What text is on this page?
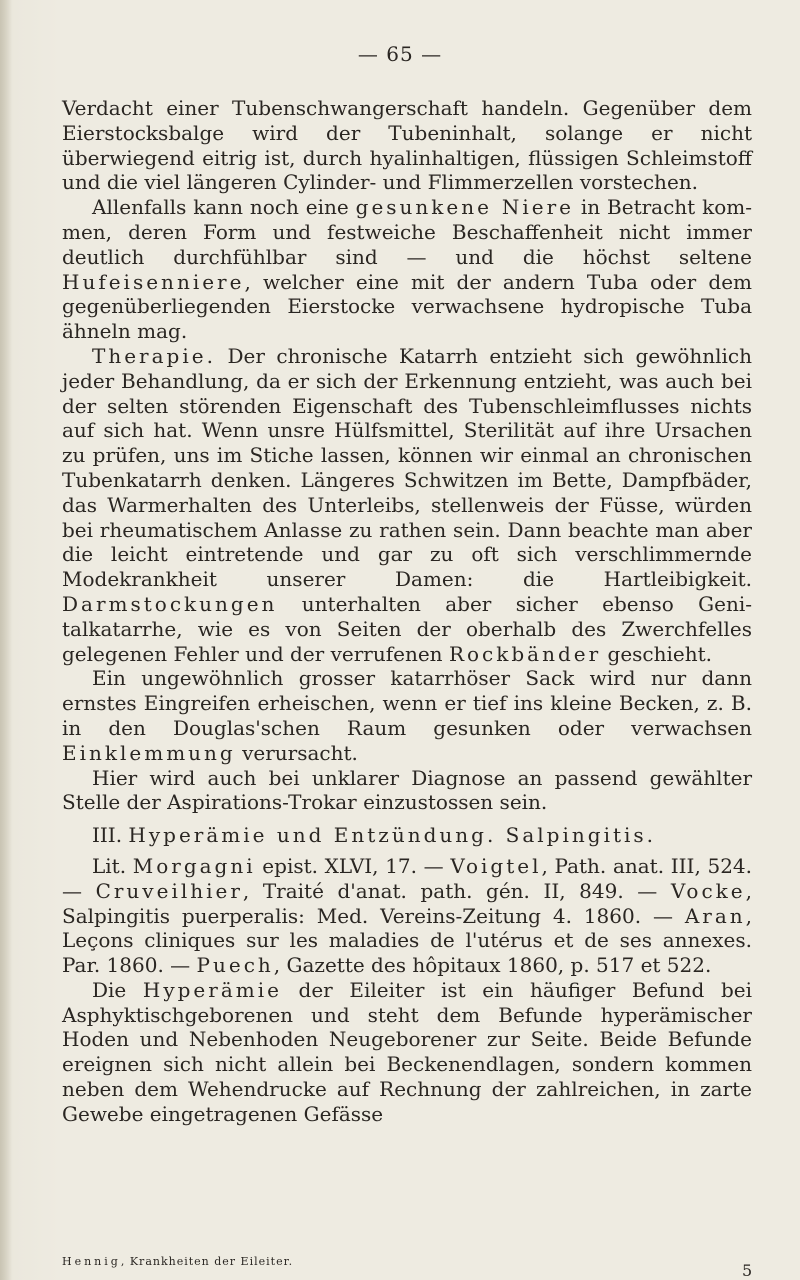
— 65 —

Verdacht einer Tubenschwangerschaft handeln. Gegenüber dem Eierstocksbalge wird der Tubeninhalt, solange er nicht überwiegend eitrig ist, durch hyalinhaltigen, flüssigen Schleimstoff und die viel längeren Cylinder- und Flimmerzellen vorstechen.

Allenfalls kann noch eine gesunkene Niere in Betracht kommen, deren Form und festweiche Beschaffenheit nicht immer deutlich durchfühlbar sind — und die höchst seltene Hufeisenniere, welcher eine mit der andern Tuba oder dem gegenüberliegenden Eierstocke verwachsene hydropische Tuba ähneln mag.

Therapie. Der chronische Katarrh entzieht sich gewöhnlich jeder Behandlung, da er sich der Erkennung entzieht, was auch bei der selten störenden Eigenschaft des Tubenschleimflusses nichts auf sich hat. Wenn unsre Hülfsmittel, Sterilität auf ihre Ursachen zu prüfen, uns im Stiche lassen, können wir einmal an chronischen Tubenkatarrh denken. Längeres Schwitzen im Bette, Dampfbäder, das Warmerhalten des Unterleibs, stellenweis der Füsse, würden bei rheumatischem Anlasse zu rathen sein. Dann beachte man aber die leicht eintretende und gar zu oft sich verschlimmernde Modekrankheit unserer Damen: die Hartleibigkeit. Darmstockungen unterhalten aber sicher ebenso Genitalkatarrhe, wie es von Seiten der oberhalb des Zwerchfelles gelegenen Fehler und der verrufenen Rockbänder geschieht.

Ein ungewöhnlich grosser katarrhöser Sack wird nur dann ernstes Eingreifen erheischen, wenn er tief ins kleine Becken, z. B. in den Douglas'schen Raum gesunken oder verwachsen Einklemmung verursacht.

Hier wird auch bei unklarer Diagnose an passend gewählter Stelle der Aspirations-Trokar einzustossen sein.

III. Hyperämie und Entzündung. Salpingitis.

Lit. Morgagni epist. XLVI, 17. — Voigtel, Path. anat. III, 524. — Cruveilhier, Traité d'anat. path. gén. II, 849. — Vocke, Salpingitis puerperalis: Med. Vereins-Zeitung 4. 1860. — Aran, Leçons cliniques sur les maladies de l'utérus et de ses annexes. Par. 1860. — Puech, Gazette des hôpitaux 1860, p. 517 et 522.

Die Hyperämie der Eileiter ist ein häufiger Befund bei Asphyktischgeborenen und steht dem Befunde hyperämischer Hoden und Nebenhoden Neugeborener zur Seite. Beide Befunde ereignen sich nicht allein bei Beckenendlagen, sondern kommen neben dem Wehendrucke auf Rechnung der zahlreichen, in zarte Gewebe eingetragenen Gefässe

Hennig, Krankheiten der Eileiter.	5
